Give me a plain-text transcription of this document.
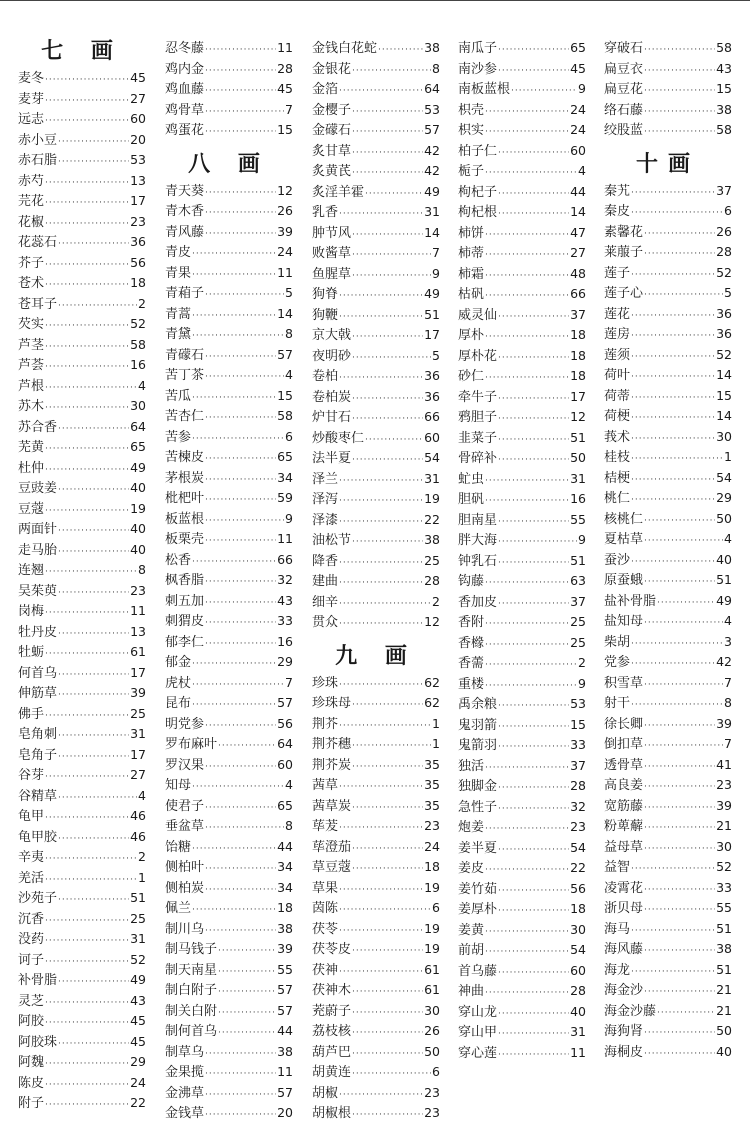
七 画
麦冬 ·····	45
麦芽 ·····	27
远志 ·····	60
赤小豆 ·····	20
赤石脂 ·····	53
赤芍 ·····	13
芫花 ·····	17
花椒 ·····	23
花蕊石 ·····	36
芥子 ·····	56
苍术 ·····	18
苍耳子 ·····	2
芡实 ·····	52
芦茎 ·····	58
芦荟 ·····	16
芦根 ·····	4
苏木 ·····	30
苏合香 ·····	64
芜黄 ·····	65
杜仲 ·····	49
豆豉姜 ·····	40
豆蔻 ·····	19
两面针 ·····	40
走马胎 ·····	40
连翘 ·····	8
吴茱萸 ·····	23
岗梅 ·····	11
牡丹皮 ·····	13
牡蛎 ·····	61
何首乌 ·····	17
伸筋草 ·····	39
佛手 ·····	25
皂角刺 ·····	31
皂角子 ·····	17
谷芽 ·····	27
谷精草 ·····	4
龟甲 ·····	46
龟甲胶 ·····	46
辛夷 ·····	2
羌活 ·····	1
沙苑子 ·····	51
沉香 ·····	25
没药 ·····	31
诃子 ·····	52
补骨脂 ·····	49
灵芝 ·····	43
阿胶 ·····	45
阿胶珠 ·····	45
阿魏 ·····	29
陈皮 ·····	24
附子 ·····	22
忍冬藤 ·····	11
鸡内金 ·····	28
鸡血藤 ·····	45
鸡骨草 ·····	7
鸡蛋花 ·····	15
八 画
青天葵 ·····	12
青木香 ·····	26
青风藤 ·····	39
青皮 ·····	24
青果 ·····	11
青葙子 ·····	5
青蒿 ·····	14
青黛 ·····	8
青礞石 ·····	57
苦丁茶 ·····	4
苦瓜 ·····	15
苦杏仁 ·····	58
苦参 ·····	6
苦楝皮 ·····	65
茅根炭 ·····	34
枇杷叶 ·····	59
板蓝根 ·····	9
板栗壳 ·····	11
松香 ·····	66
枫香脂 ·····	32
刺五加 ·····	43
刺猬皮 ·····	33
郁李仁 ·····	16
郁金 ·····	29
虎杖 ·····	7
昆布 ·····	57
明党参 ·····	56
罗布麻叶 ·····	64
罗汉果 ·····	60
知母 ·····	4
使君子 ·····	65
垂盆草 ·····	8
饴糖 ·····	44
侧柏叶 ·····	34
侧柏炭 ·····	34
佩兰 ·····	18
制川乌 ·····	38
制马钱子 ·····	39
制天南星 ·····	55
制白附子 ·····	57
制关白附 ·····	57
制何首乌 ·····	44
制草乌 ·····	38
金果揽 ·····	11
金沸草 ·····	57
金钱草 ·····	20
金钱白花蛇 ·····	38
金银花 ·····	8
金箔 ·····	64
金樱子 ·····	53
金礞石 ·····	57
炙甘草 ·····	42
炙黄芪 ·····	42
炙淫羊霍 ·····	49
乳香 ·····	31
肿节风 ·····	14
败酱草 ·····	7
鱼腥草 ·····	9
狗脊 ·····	49
狗鞭 ·····	51
京大戟 ·····	17
夜明砂 ·····	5
卷柏 ·····	36
卷柏炭 ·····	36
炉甘石 ·····	66
炒酸枣仁 ·····	60
法半夏 ·····	54
泽兰 ·····	31
泽泻 ·····	19
泽漆 ·····	22
油松节 ·····	38
降香 ·····	25
建曲 ·····	28
细辛 ·····	2
贯众 ·····	12
九 画
珍珠 ·····	62
珍珠母 ·····	62
荆芥 ·····	1
荆芥穗 ·····	1
荆芥炭 ·····	35
茜草 ·····	35
茜草炭 ·····	35
荜茇 ·····	23
荜澄茄 ·····	24
草豆蔻 ·····	18
草果 ·····	19
茵陈 ·····	6
茯苓 ·····	19
茯苓皮 ·····	19
茯神 ·····	61
茯神木 ·····	61
茺蔚子 ·····	30
荔枝核 ·····	26
葫芦巴 ·····	50
胡黄连 ·····	6
胡椒 ·····	23
胡椒根 ·····	23
南瓜子 ·····	65
南沙参 ·····	45
南板蓝根 ·····	9
枳壳 ·····	24
枳实 ·····	24
柏子仁 ·····	60
栀子 ·····	4
枸杞子 ·····	44
枸杞根 ·····	14
柿饼 ·····	47
柿蒂 ·····	27
柿霜 ·····	48
枯矾 ·····	66
威灵仙 ·····	37
厚朴 ·····	18
厚朴花 ·····	18
砂仁 ·····	18
牵牛子 ·····	17
鸦胆子 ·····	12
韭菜子 ·····	51
骨碎补 ·····	50
虻虫 ·····	31
胆矾 ·····	16
胆南星 ·····	55
胖大海 ·····	9
钟乳石 ·····	51
钩藤 ·····	63
香加皮 ·····	37
香附 ·····	25
香橼 ·····	25
香薷 ·····	2
重楼 ·····	9
禹余粮 ·····	53
鬼羽箭 ·····	15
鬼箭羽 ·····	33
独活 ·····	37
独脚金 ·····	28
急性子 ·····	32
炮姜 ·····	23
姜半夏 ·····	54
姜皮 ·····	22
姜竹茹 ·····	56
姜厚朴 ·····	18
姜黄 ·····	30
前胡 ·····	54
首乌藤 ·····	60
神曲 ·····	28
穿山龙 ·····	40
穿山甲 ·····	31
穿心莲 ·····	11
穿破石 ·····	58
扁豆衣 ·····	43
扁豆花 ·····	15
络石藤 ·····	38
绞股蓝 ·····	58
十画
秦艽 ·····	37
秦皮 ·····	6
素馨花 ·····	26
莱菔子 ·····	28
莲子 ·····	52
莲子心 ·····	5
莲花 ·····	36
莲房 ·····	36
莲须 ·····	52
荷叶 ·····	14
荷蒂 ·····	15
荷梗 ·····	14
莪术 ·····	30
桂枝 ·····	1
桔梗 ·····	54
桃仁 ·····	29
核桃仁 ·····	50
夏枯草 ·····	4
蚕沙 ·····	40
原蚕蛾 ·····	51
盐补骨脂 ·····	49
盐知母 ·····	4
柴胡 ·····	3
党参 ·····	42
积雪草 ·····	7
射干 ·····	8
徐长卿 ·····	39
倒扣草 ·····	7
透骨草 ·····	41
高良姜 ·····	23
宽筋藤 ·····	39
粉萆薢 ·····	21
益母草 ·····	30
益智 ·····	52
凌霄花 ·····	33
浙贝母 ·····	55
海马 ·····	51
海风藤 ·····	38
海龙 ·····	51
海金沙 ·····	21
海金沙藤 ·····	21
海狗肾 ·····	50
海桐皮 ·····	40
